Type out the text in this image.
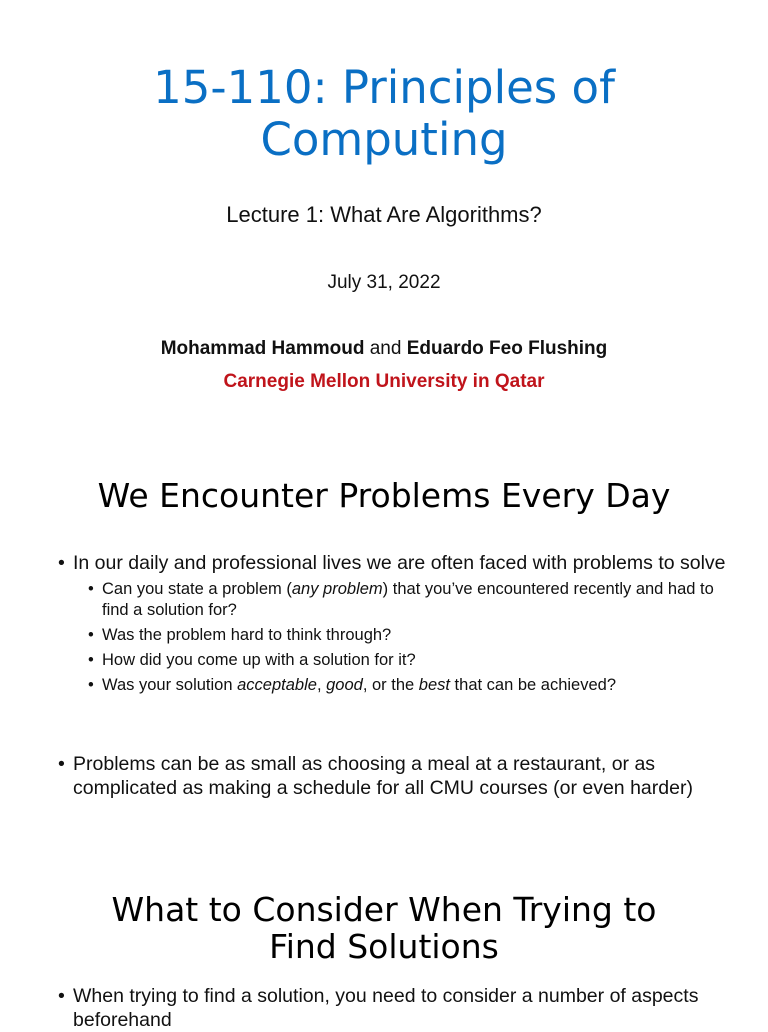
15-110: Principles of
Computing
Lecture 1: What Are Algorithms?
July 31, 2022
Mohammad Hammoud and Eduardo Feo Flushing
Carnegie Mellon University in Qatar
We Encounter Problems Every Day
• In our daily and professional lives we are often faced with problems to solve
• Can you state a problem (any problem) that you’ve encountered recently and had to find a solution for?
• Was the problem hard to think through?
• How did you come up with a solution for it?
• Was your solution acceptable, good, or the best that can be achieved?
• Problems can be as small as choosing a meal at a restaurant, or as complicated as making a schedule for all CMU courses (or even harder)
What to Consider When Trying to
Find Solutions
• When trying to find a solution, you need to consider a number of aspects beforehand
